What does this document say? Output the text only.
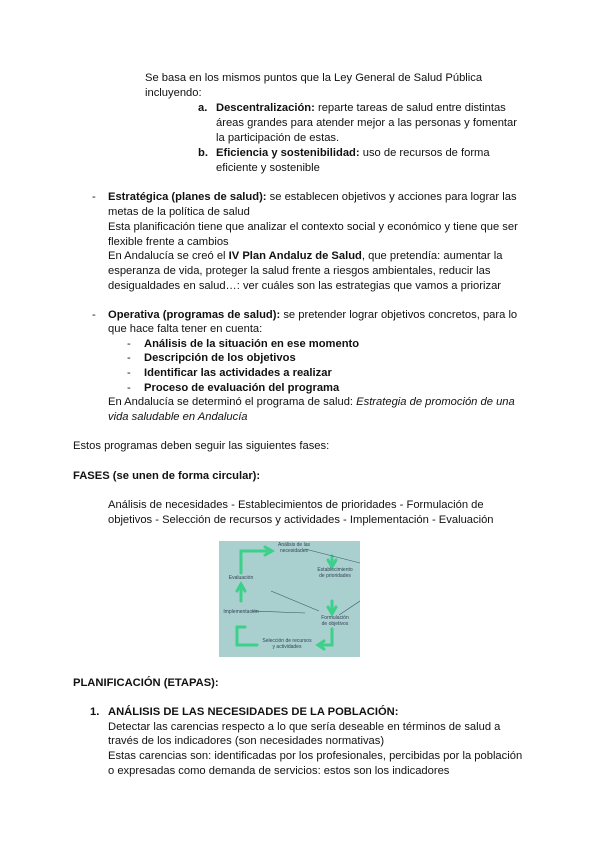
Se basa en los mismos puntos que la Ley General de Salud Pública

incluyendo:

a. Descentralización: reparte tareas de salud entre distintas

áreas grandes para atender mejor a las personas y fomentar

la participación de estas.

b. Eficiencia y sostenibilidad: uso de recursos de forma

eficiente y sostenible

- Estratégica (planes de salud): se establecen objetivos y acciones para lograr las

metas de la política de salud

Esta planificación tiene que analizar el contexto social y económico y tiene que ser

flexible frente a cambios

En Andalucía se creó el IV Plan Andaluz de Salud, que pretendía: aumentar la

esperanza de vida, proteger la salud frente a riesgos ambientales, reducir las

desigualdades en salud…: ver cuáles son las estrategias que vamos a priorizar

- Operativa (programas de salud): se pretender lograr objetivos concretos, para lo

que hace falta tener en cuenta:

- Análisis de la situación en ese momento

- Descripción de los objetivos

- Identificar las actividades a realizar

- Proceso de evaluación del programa

En Andalucía se determinó el programa de salud: Estrategia de promoción de una

vida saludable en Andalucía

Estos programas deben seguir las siguientes fases:

FASES (se unen de forma circular):

Análisis de necesidades - Establecimientos de prioridades - Formulación de

objetivos - Selección de recursos y actividades - Implementación - Evaluación

Análisis de las
necesidades
Establecimiento
de prioridades
Evaluación
Implementación
Formulación
de objetivos
Selección de recursos
y actividades

PLANIFICACIÓN (ETAPAS):

1. ANÁLISIS DE LAS NECESIDADES DE LA POBLACIÓN:

Detectar las carencias respecto a lo que sería deseable en términos de salud a

través de los indicadores (son necesidades normativas)

Estas carencias son: identificadas por los profesionales, percibidas por la población

o expresadas como demanda de servicios: estos son los indicadores
